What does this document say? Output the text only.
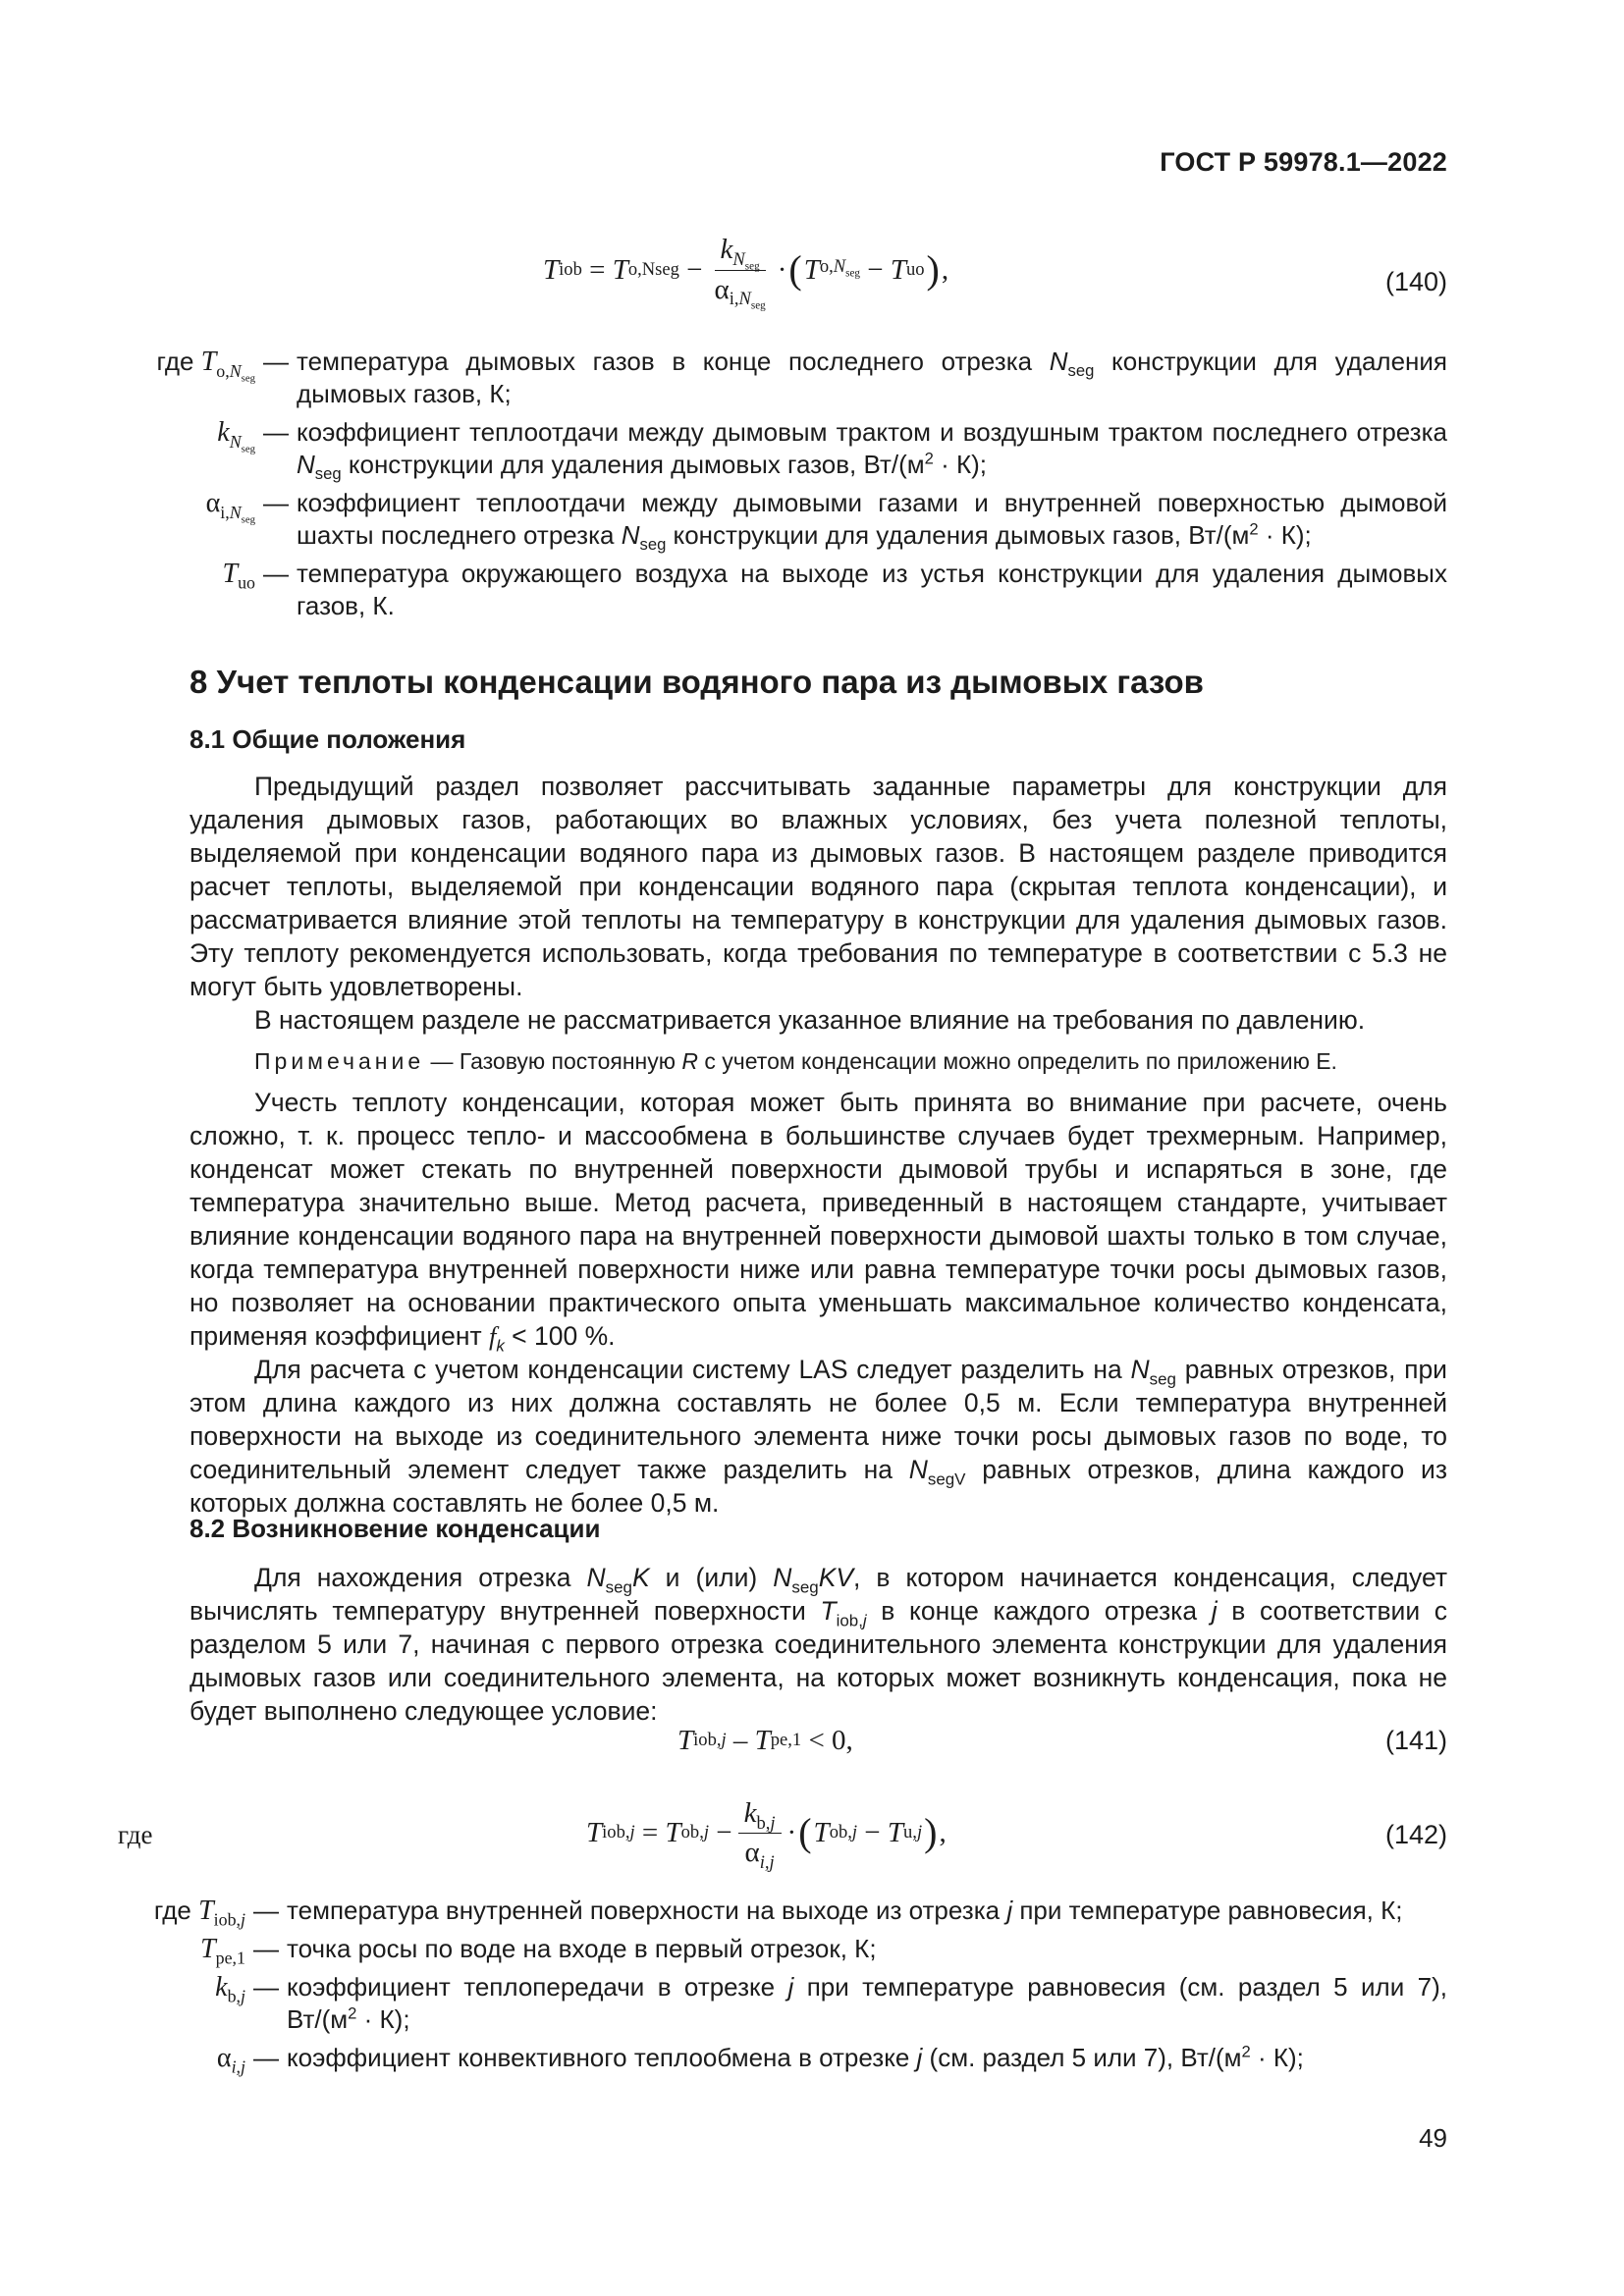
ГОСТ Р 59978.1—2022
T iob = T o,Nseg − $\frac{k_{N_{seg}}}{\alpha_{i,N_{seg}}}$ · ( T $o,N_{seg} - T$ uo ) ,	(140)
где
$T_{o,N_{seg}}$
— температура дымовых газов в конце последнего отрезка $N_{seg}$ конструкции для удаления дымовых газов, К;
$k_{N_{seg}}$
— коэффициент теплоотдачи между дымовым трактом и воздушным трактом последнего отрезка $N_{seg}$ конструкции для удаления дымовых газов, $Вт/(м^2 \cdot К)$;
$\alpha_{i,N_{seg}}$
— коэффициент теплоотдачи между дымовыми газами и внутренней поверхностью дымовой шахты последнего отрезка $N_{seg}$ конструкции для удаления дымовых газов, $Вт/(м^2 \cdot К)$;
$T_{uo}$ — температура окружающего воздуха на выходе из устья конструкции для удаления дымовых газов, К.
8 Учет теплоты конденсации водяного пара из дымовых газов
8.1 Общие положения

Предыдущий раздел позволяет рассчитывать заданные параметры для конструкции для удаления дымовых газов, работающих во влажных условиях, без учета полезной теплоты, выделяемой при конденсации водяного пара из дымовых газов. В настоящем разделе приводится расчет теплоты, выделяемой при конденсации водяного пара (скрытая теплота конденсации), и рассматривается влияние этой теплоты на температуру в конструкции для удаления дымовых газов. Эту теплоту рекомендуется использовать, когда требования по температуре в соответствии с 5.3 не могут быть удовлетворены.

В настоящем разделе не рассматривается указанное влияние на требования по давлению.

Примечание — Газовую постоянную R с учетом конденсации можно определить по приложению Е.

Учесть теплоту конденсации, которая может быть принята во внимание при расчете, очень сложно, т. к. процесс тепло- и массообмена в большинстве случаев будет трехмерным. Например, конденсат может стекать по внутренней поверхности дымовой трубы и испаряться в зоне, где температура значительно выше. Метод расчета, приведенный в настоящем стандарте, учитывает влияние конденсации водяного пара на внутренней поверхности дымовой шахты только в том случае, когда температура внутренней поверхности ниже или равна температуре точки росы дымовых газов, но позволяет на основании практического опыта уменьшать максимальное количество конденсата, применяя коэффициент $f_k < 100$ %.

Для расчета с учетом конденсации систему LAS следует разделить на $N_{seg}$ равных отрезков, при этом длина каждого из них должна составлять не более 0,5 м. Если температура внутренней поверхности на выходе из соединительного элемента ниже точки росы дымовых газов по воде, то соединительный элемент следует также разделить на $N_{segV}$ равных отрезков, длина каждого из которых должна составлять не более 0,5 м.

8.2 Возникновение конденсации

Для нахождения отрезка $N_{seg}K$ и (или) $N_{seg}KV$, в котором начинается конденсация, следует вычислять температуру внутренней поверхности $T_{iob,j}$ в конце каждого отрезка j в соответствии с разделом 5 или 7, начиная с первого отрезка соединительного элемента конструкции для удаления дымовых газов или соединительного элемента, на которых может возникнуть конденсация, пока не будет выполнено следующее условие:

T iob,j – T pe,1 < 0,	(141)
где	T iob,j = T $ob,j - \frac{k_{b,j}}{\alpha_{i,j}}$ · ( T ob,j − T u,j ) ,	(142)
где
$T_{iob,j}$ — температура внутренней поверхности на выходе из отрезка j при температуре равновесия, К;
$T_{pe,1}$ — точка росы по воде на входе в первый отрезок, К;
$k_{b,j}$ — коэффициент теплопередачи в отрезке j при температуре равновесия (см. раздел 5 или 7), $Вт/(м^2 \cdot К)$;
$\alpha_{i,j}$ — коэффициент конвективного теплообмена в отрезке j (см. раздел 5 или 7), $Вт/(м^2 \cdot К)$;
49
